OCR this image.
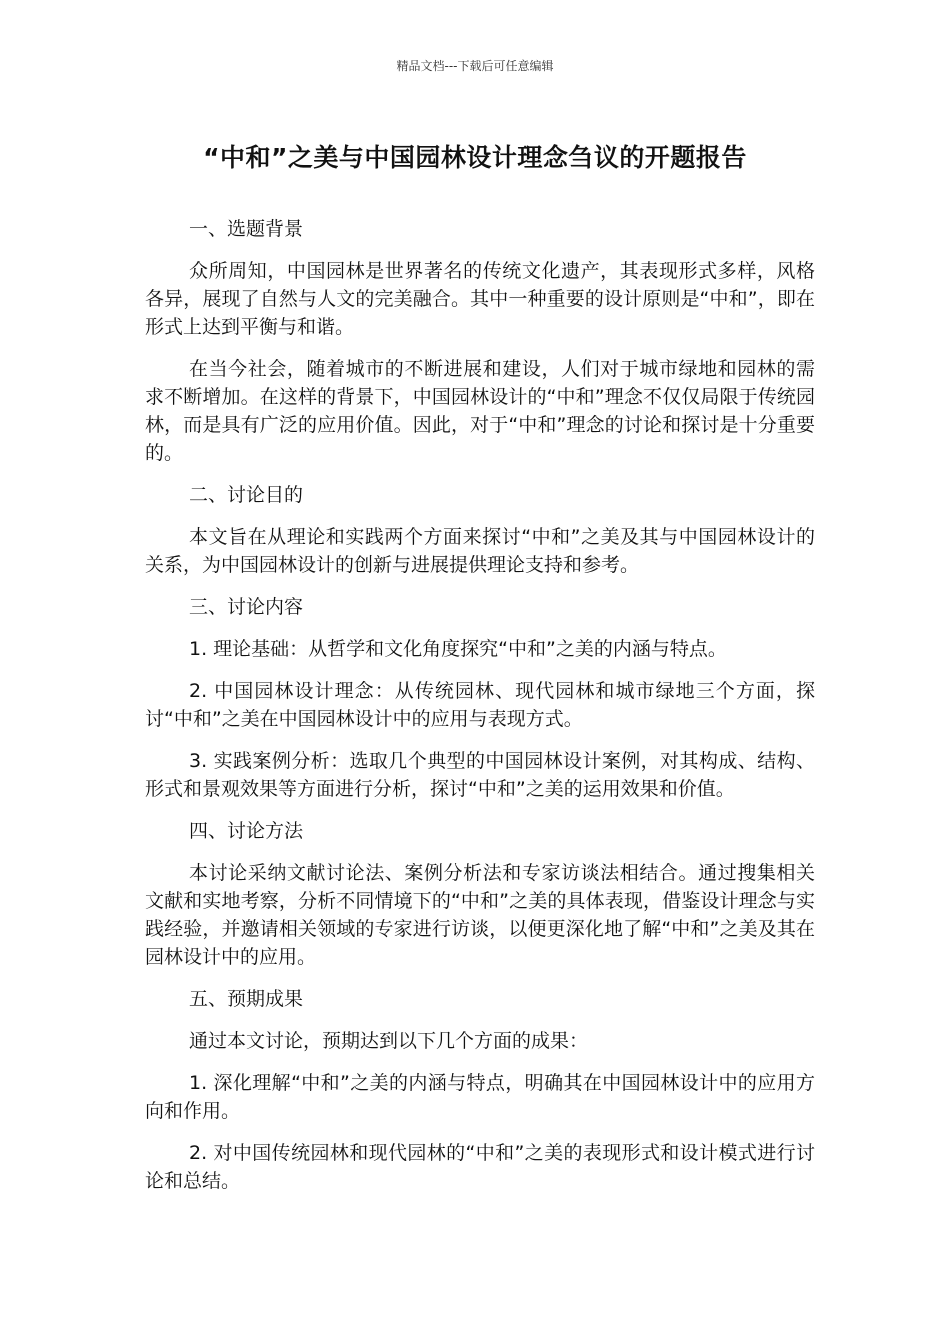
精品文档---下载后可任意编辑
“中和”之美与中国园林设计理念刍议的开题报告

一、选题背景

众所周知，中国园林是世界著名的传统文化遗产，其表现形式多样，风格各异，展现了自然与人文的完美融合。其中一种重要的设计原则是“中和”，即在形式上达到平衡与和谐。

在当今社会，随着城市的不断进展和建设，人们对于城市绿地和园林的需求不断增加。在这样的背景下，中国园林设计的“中和”理念不仅仅局限于传统园林，而是具有广泛的应用价值。因此，对于“中和”理念的讨论和探讨是十分重要的。

二、讨论目的

本文旨在从理论和实践两个方面来探讨“中和”之美及其与中国园林设计的关系，为中国园林设计的创新与进展提供理论支持和参考。

三、讨论内容

1. 理论基础：从哲学和文化角度探究“中和”之美的内涵与特点。

2. 中国园林设计理念：从传统园林、现代园林和城市绿地三个方面，探讨“中和”之美在中国园林设计中的应用与表现方式。

3. 实践案例分析：选取几个典型的中国园林设计案例，对其构成、结构、形式和景观效果等方面进行分析，探讨“中和”之美的运用效果和价值。

四、讨论方法

本讨论采纳文献讨论法、案例分析法和专家访谈法相结合。通过搜集相关文献和实地考察，分析不同情境下的“中和”之美的具体表现，借鉴设计理念与实践经验，并邀请相关领域的专家进行访谈，以便更深化地了解“中和”之美及其在园林设计中的应用。

五、预期成果

通过本文讨论，预期达到以下几个方面的成果：

1. 深化理解“中和”之美的内涵与特点，明确其在中国园林设计中的应用方向和作用。

2. 对中国传统园林和现代园林的“中和”之美的表现形式和设计模式进行讨论和总结。
